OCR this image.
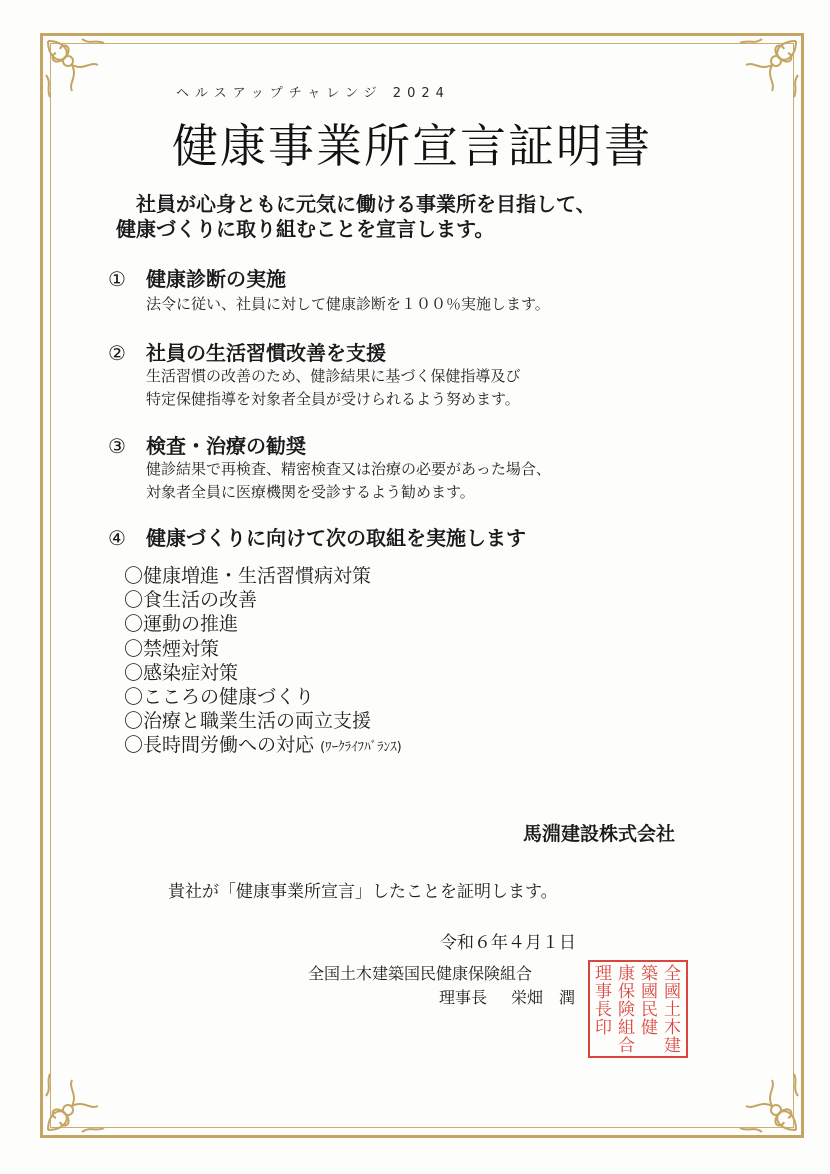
ヘルスアップチャレンジ 2024
健康事業所宣言証明書
社員が心身ともに元気に働ける事業所を目指して、
健康づくりに取り組むことを宣言します。
① 健康診断の実施
法令に従い、社員に対して健康診断を１００％実施します。
② 社員の生活習慣改善を支援
生活習慣の改善のため、健診結果に基づく保健指導及び
特定保健指導を対象者全員が受けられるよう努めます。
③ 検査・治療の勧奨
健診結果で再検査、精密検査又は治療の必要があった場合、
対象者全員に医療機関を受診するよう勧めます。
④ 健康づくりに向けて次の取組を実施します
〇健康増進・生活習慣病対策
〇食生活の改善
〇運動の推進
〇禁煙対策
〇感染症対策
〇こころの健康づくり
〇治療と職業生活の両立支援
〇長時間労働への対応 (ﾜｰｸﾗｲﾌﾊﾞﾗﾝｽ)
馬淵建設株式会社
貴社が「健康事業所宣言」したことを証明します。
令和６年４月１日
全国土木建築国民健康保険組合
理事長 栄畑　潤
全
國
土
木
建
築
國
民
健
康
保
険
組
合
理
事
長
印
